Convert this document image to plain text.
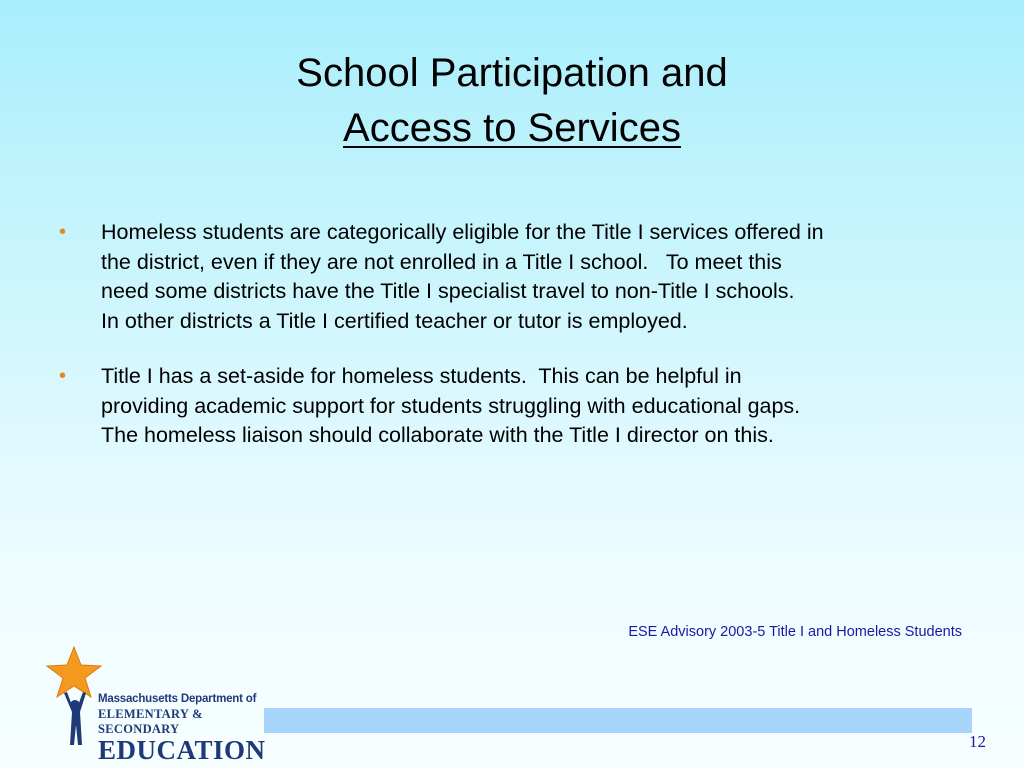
School Participation and
Access to Services
• Homeless students are categorically eligible for the Title I services offered in
the district, even if they are not enrolled in a Title I school.   To meet this
need some districts have the Title I specialist travel to non-Title I schools.
In other districts a Title I certified teacher or tutor is employed.
• Title I has a set-aside for homeless students.  This can be helpful in
providing academic support for students struggling with educational gaps.
The homeless liaison should collaborate with the Title I director on this.
ESE Advisory 2003-5 Title I and Homeless Students
Massachusetts Department of
ELEMENTARY & SECONDARY
EDUCATION	12
